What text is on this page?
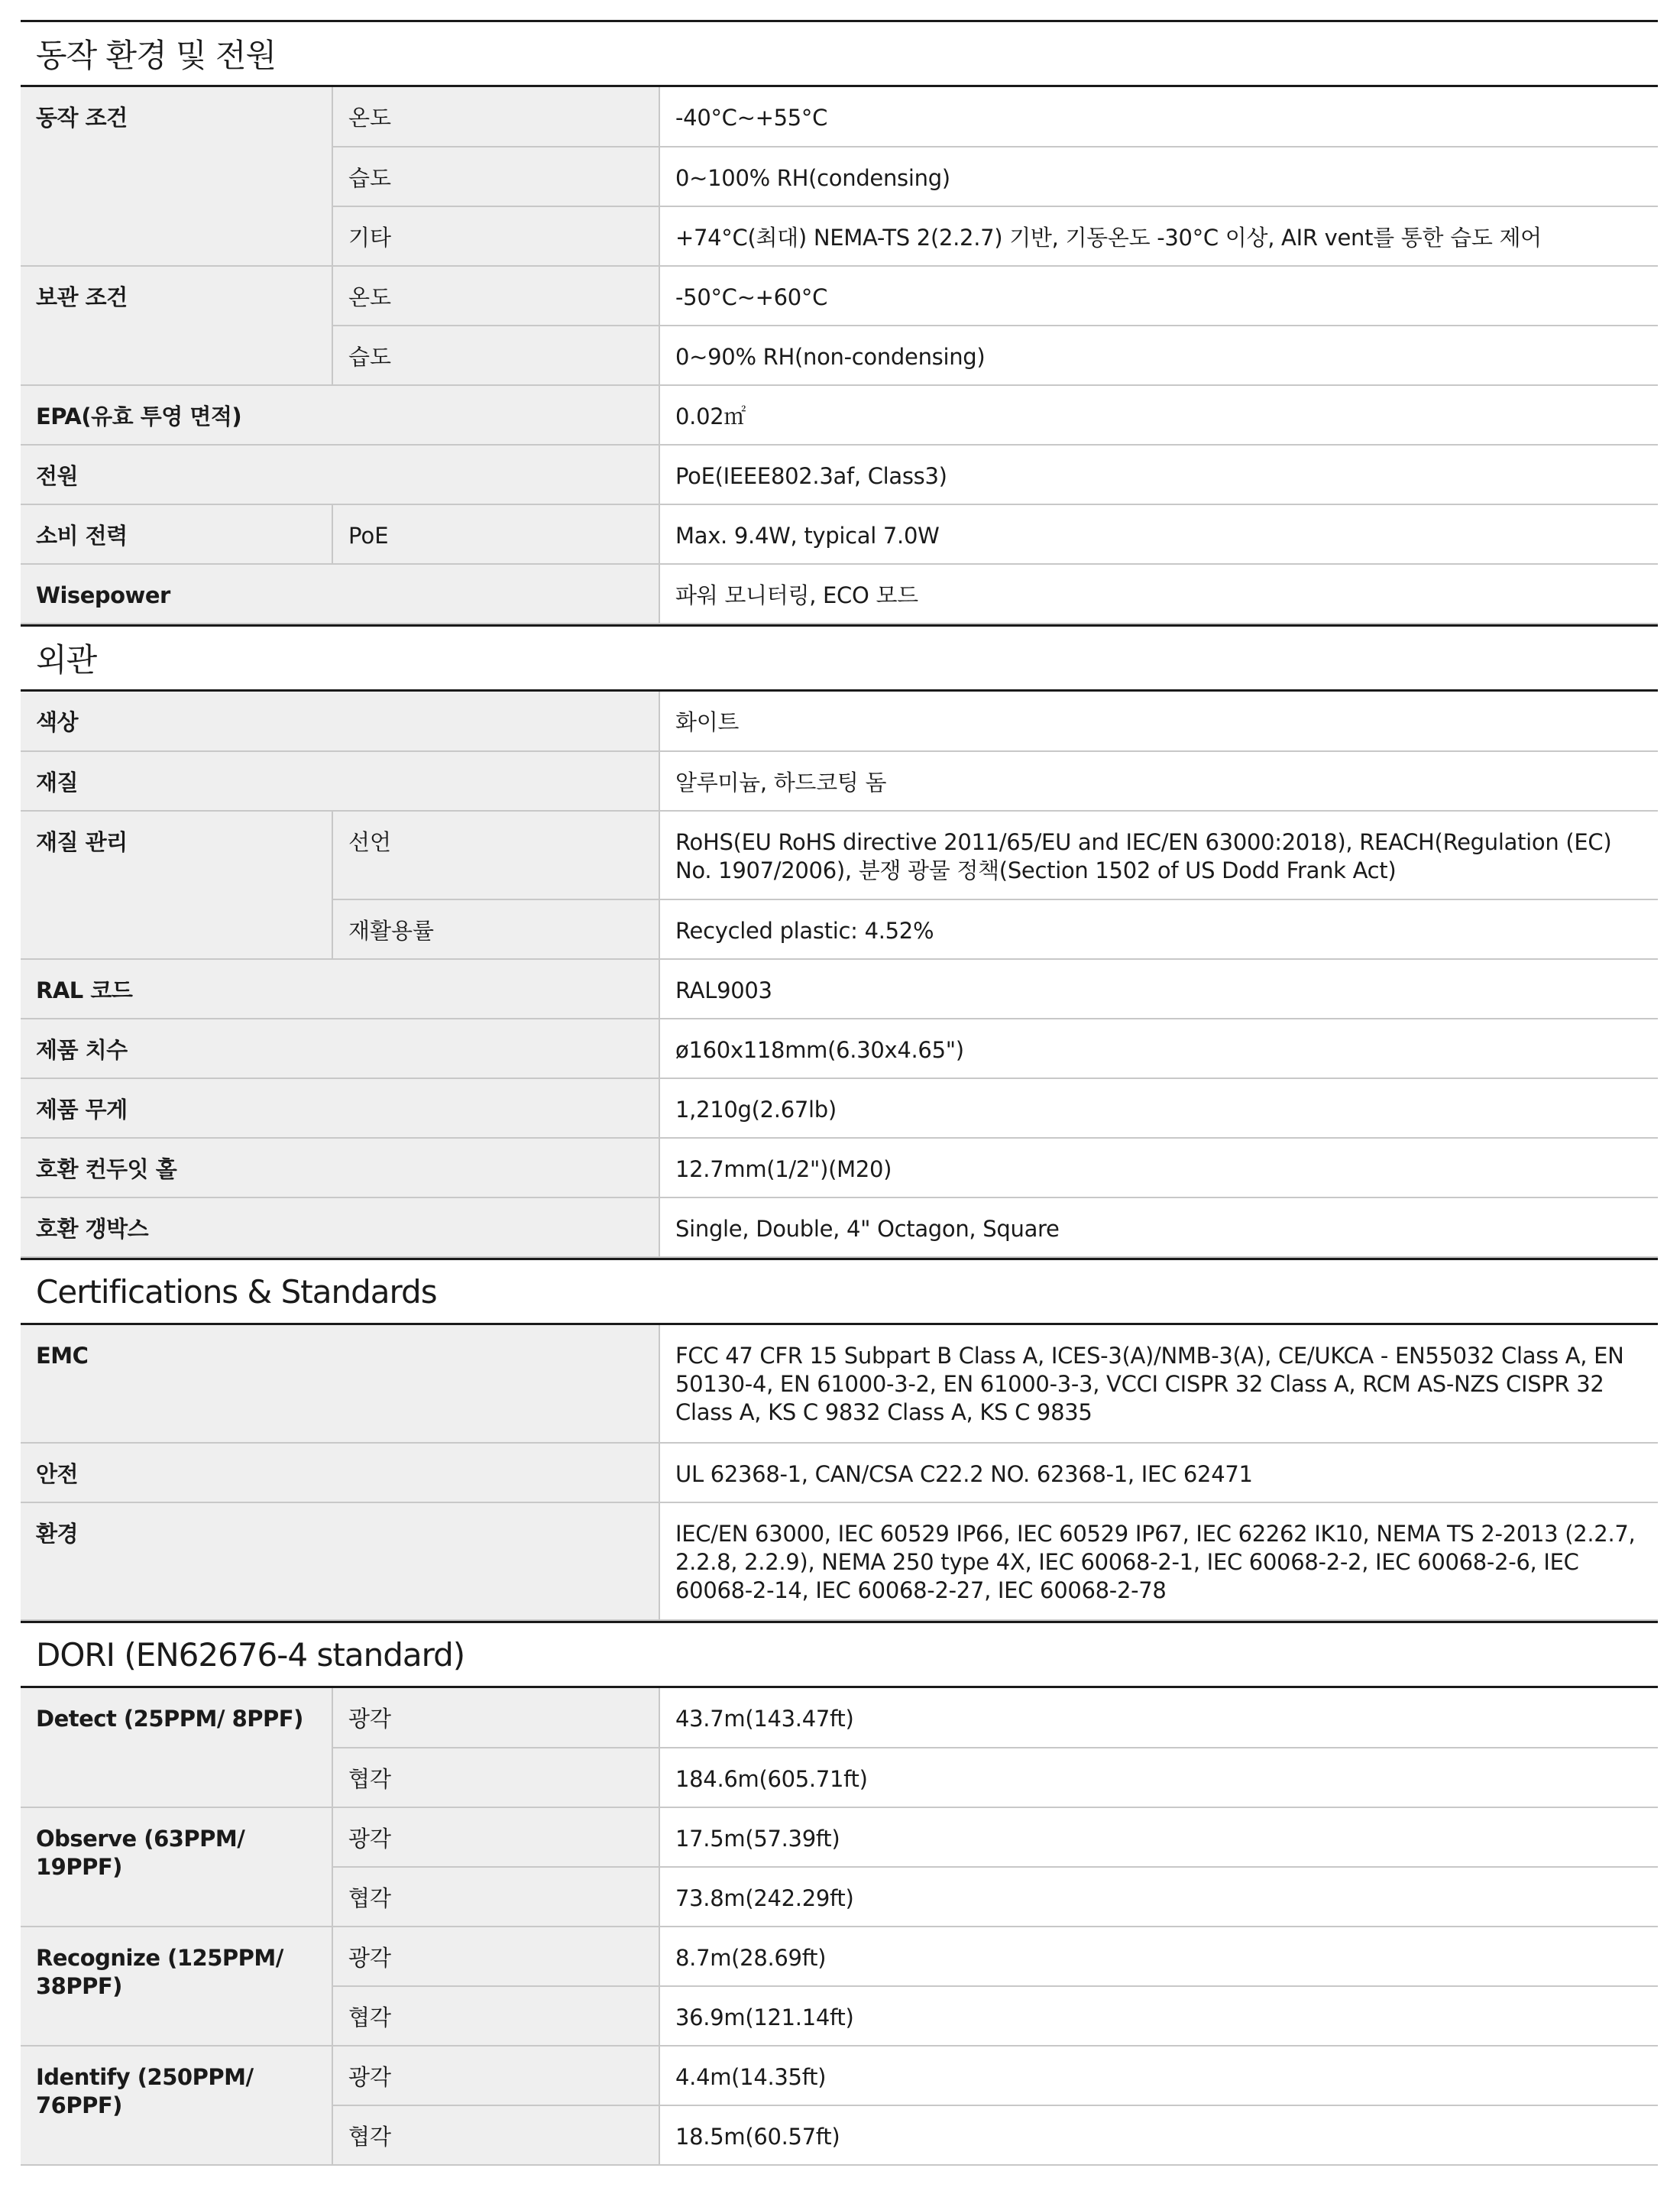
동작 환경 및 전원
동작 조건	온도	-40°C~+55°C

	습도	0~100% RH(condensing)

	기타	+74°C(최대) NEMA-TS 2(2.2.7) 기반, 기동온도 -30°C 이상, AIR vent를 통한 습도 제어

보관 조건	온도	-50°C~+60°C

	습도	0~90% RH(non-condensing)

EPA(유효 투영 면적)		0.02㎡

전원		PoE(IEEE802.3af, Class3)

소비 전력	PoE	Max. 9.4W, typical 7.0W

Wisepower		파워 모니터링, ECO 모드
외관
색상		화이트

재질		알루미늄, 하드코팅 돔

재질 관리	선언	RoHS(EU RoHS directive 2011/65/EU and IEC/EN 63000:2018), REACH(Regulation (EC) No. 1907/2006), 분쟁 광물 정책(Section 1502 of US Dodd Frank Act)

	재활용률	Recycled plastic: 4.52%

RAL 코드		RAL9003

제품 치수		ø160x118mm(6.30x4.65")

제품 무게		1,210g(2.67lb)

호환 컨두잇 홀		12.7mm(1/2")(M20)

호환 갱박스		Single, Double, 4" Octagon, Square
Certifications & Standards
EMC	FCC 47 CFR 15 Subpart B Class A, ICES-3(A)/NMB-3(A), CE/UKCA - EN55032 Class A, EN 50130-4, EN 61000-3-2, EN 61000-3-3, VCCI CISPR 32 Class A, RCM AS-NZS CISPR 32 Class A, KS C 9832 Class A, KS C 9835

안전	UL 62368-1, CAN/CSA C22.2 NO. 62368-1, IEC 62471

환경	IEC/EN 63000, IEC 60529 IP66, IEC 60529 IP67, IEC 62262 IK10, NEMA TS 2-2013 (2.2.7, 2.2.8, 2.2.9), NEMA 250 type 4X, IEC 60068-2-1, IEC 60068-2-2, IEC 60068-2-6, IEC 60068-2-14, IEC 60068-2-27, IEC 60068-2-78
DORI (EN62676-4 standard)
Detect (25PPM/ 8PPF)	광각	43.7m(143.47ft)

	협각	184.6m(605.71ft)

Observe (63PPM/ 19PPF)	광각	17.5m(57.39ft)

	협각	73.8m(242.29ft)

Recognize (125PPM/ 38PPF)	광각	8.7m(28.69ft)

	협각	36.9m(121.14ft)

Identify (250PPM/ 76PPF)	광각	4.4m(14.35ft)

	협각	18.5m(60.57ft)
